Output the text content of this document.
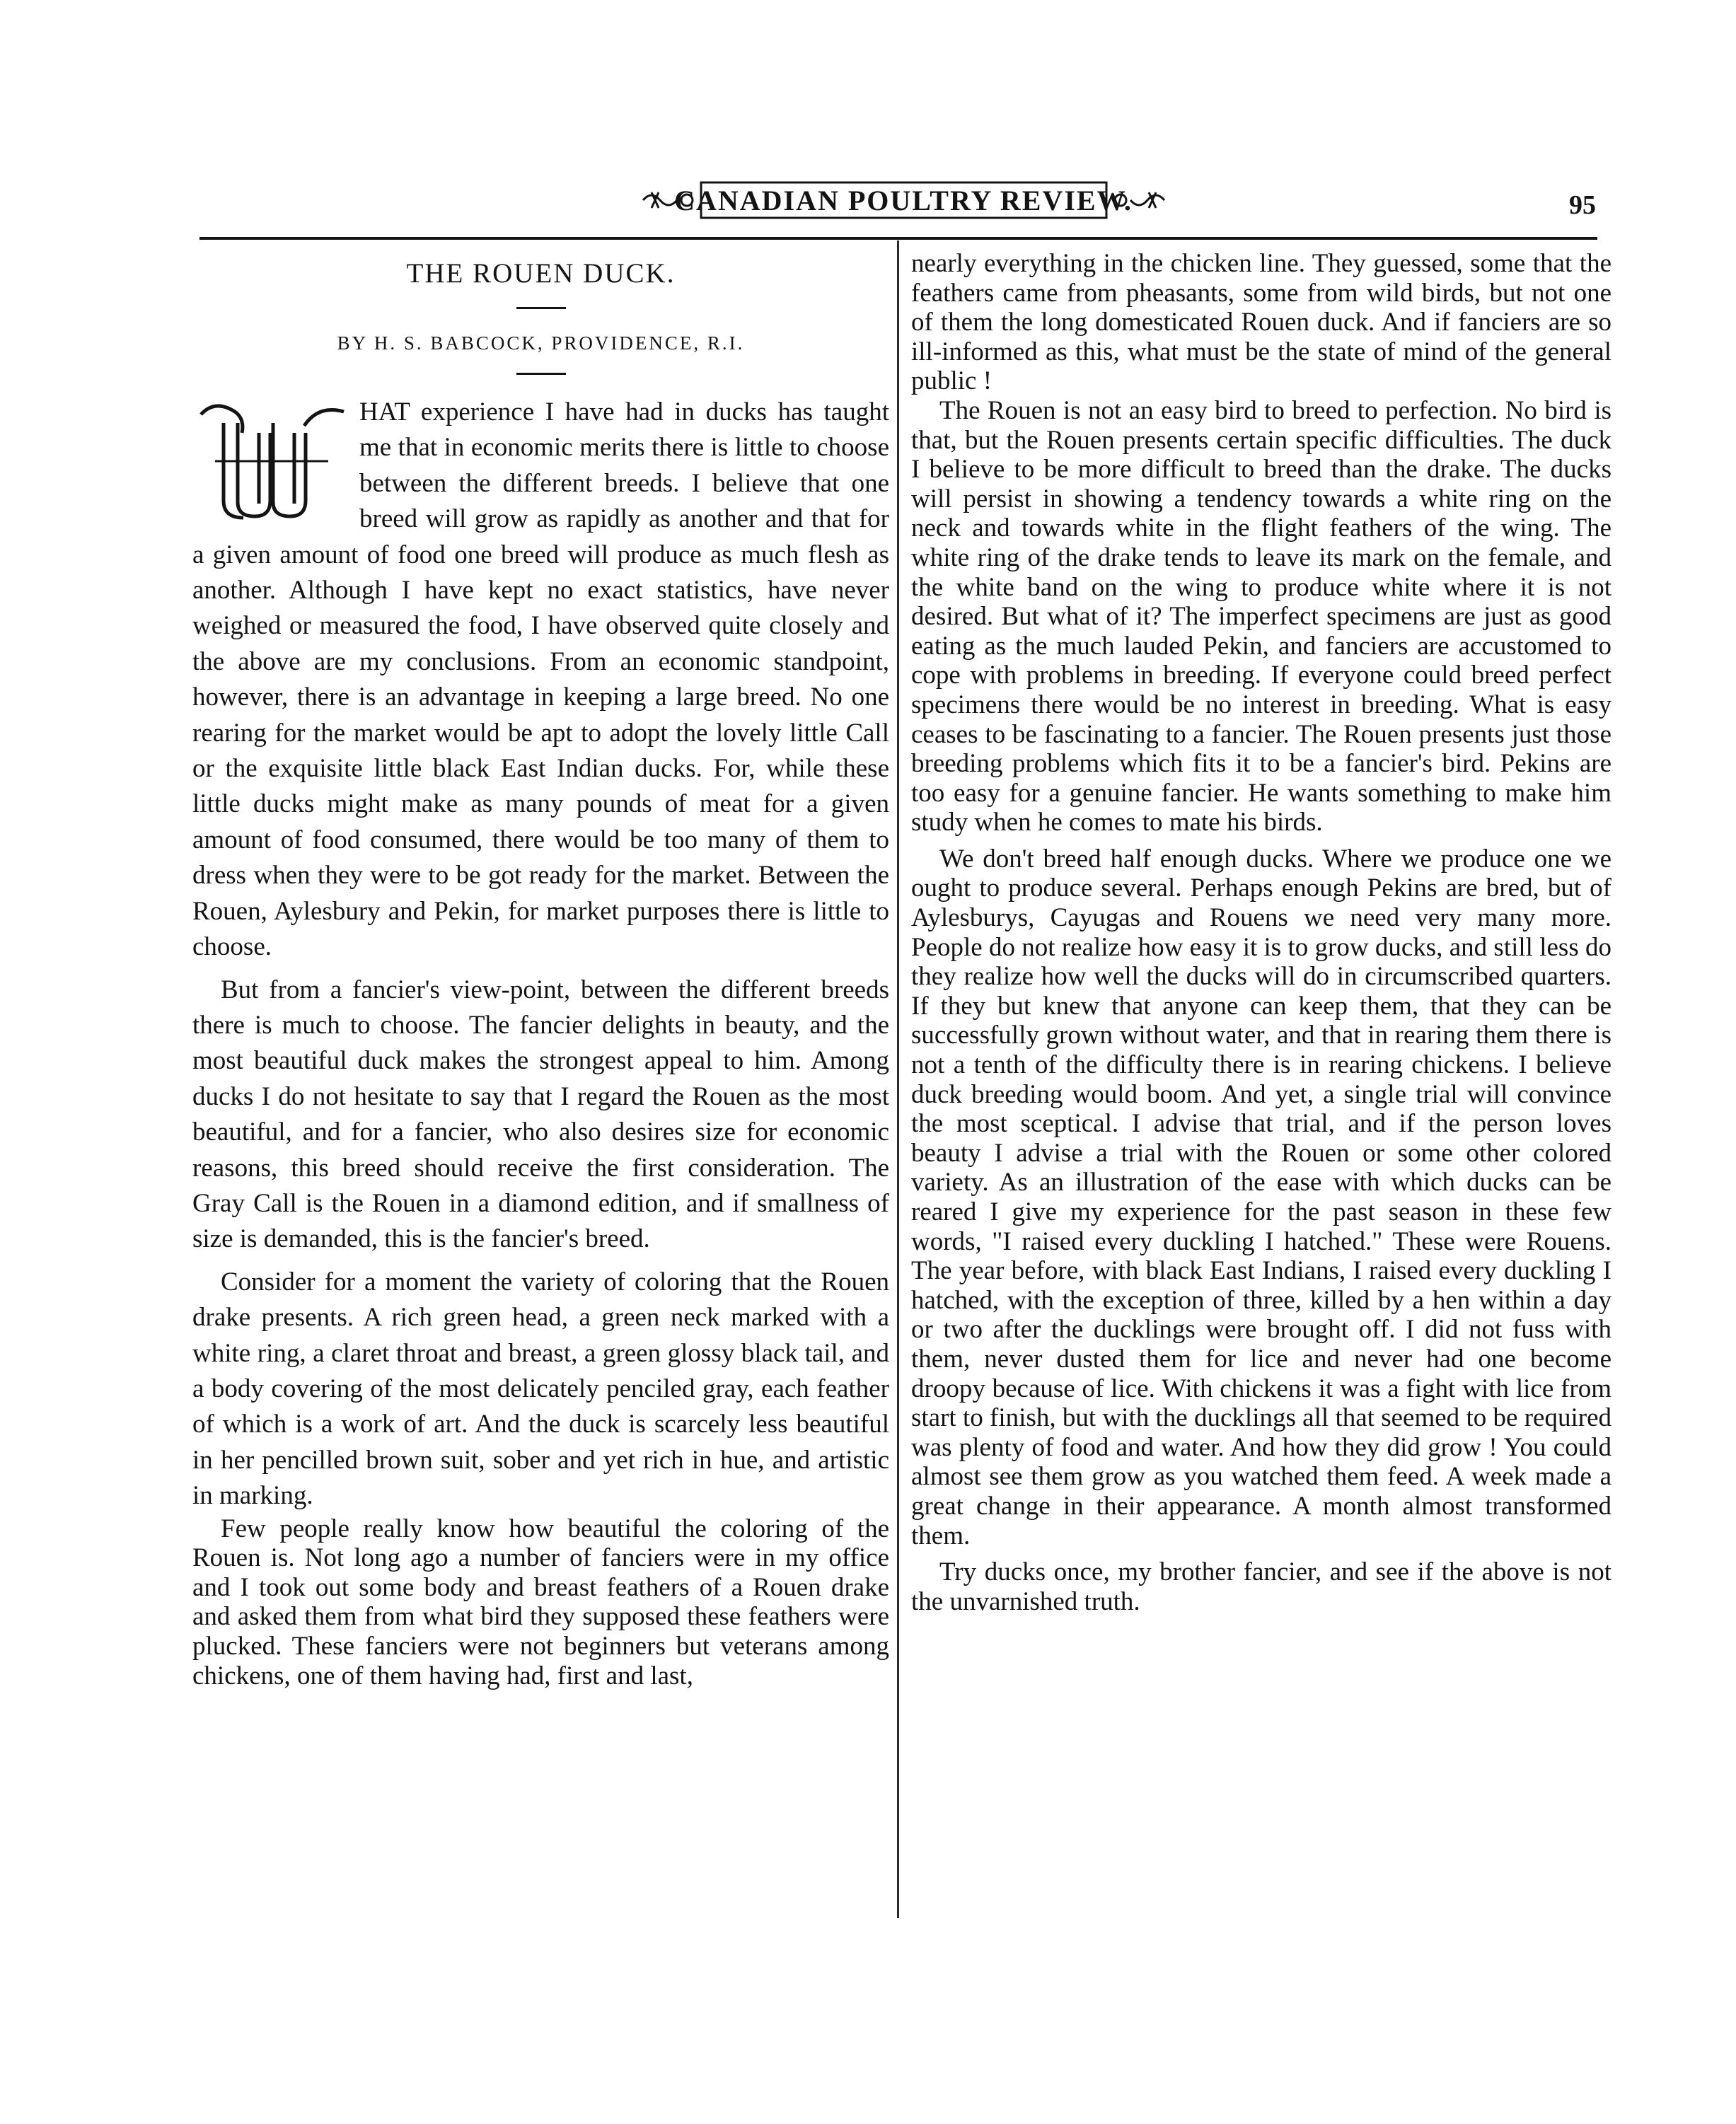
CANADIAN POULTRY REVIEW.	95
THE ROUEN DUCK.
BY H. S. BABCOCK, PROVIDENCE, R.I.
W

HAT experience I have had in ducks has taught me that in economic merits there is little to choose between the different breeds. I believe that one breed will grow as rapidly as another and that for a given amount of food one breed will produce as much flesh as another. Although I have kept no exact statistics, have never weighed or measured the food, I have observed quite closely and the above are my conclusions. From an economic standpoint, however, there is an advantage in keeping a large breed. No one rearing for the market would be apt to adopt the lovely little Call or the exquisite little black East Indian ducks. For, while these little ducks might make as many pounds of meat for a given amount of food consumed, there would be too many of them to dress when they were to be got ready for the market. Between the Rouen, Aylesbury and Pekin, for market purposes there is little to choose.

But from a fancier's view-point, between the different breeds there is much to choose. The fancier delights in beauty, and the most beautiful duck makes the strongest appeal to him. Among ducks I do not hesitate to say that I regard the Rouen as the most beautiful, and for a fancier, who also desires size for economic reasons, this breed should receive the first consideration. The Gray Call is the Rouen in a diamond edition, and if smallness of size is demanded, this is the fancier's breed.

Consider for a moment the variety of coloring that the Rouen drake presents. A rich green head, a green neck marked with a white ring, a claret throat and breast, a green glossy black tail, and a body covering of the most delicately penciled gray, each feather of which is a work of art. And the duck is scarcely less beautiful in her pencilled brown suit, sober and yet rich in hue, and artistic in marking.

Few people really know how beautiful the coloring of the Rouen is. Not long ago a number of fanciers were in my office and I took out some body and breast feathers of a Rouen drake and asked them from what bird they supposed these feathers were plucked. These fanciers were not beginners but veterans among chickens, one of them having had, first and last,

nearly everything in the chicken line. They guessed, some that the feathers came from pheasants, some from wild birds, but not one of them the long domesticated Rouen duck. And if fanciers are so ill-informed as this, what must be the state of mind of the general public !

The Rouen is not an easy bird to breed to perfection. No bird is that, but the Rouen presents certain specific difficulties. The duck I believe to be more difficult to breed than the drake. The ducks will persist in showing a tendency towards a white ring on the neck and towards white in the flight feathers of the wing. The white ring of the drake tends to leave its mark on the female, and the white band on the wing to produce white where it is not desired. But what of it? The imperfect specimens are just as good eating as the much lauded Pekin, and fanciers are accustomed to cope with problems in breeding. If everyone could breed perfect specimens there would be no interest in breeding. What is easy ceases to be fascinating to a fancier. The Rouen presents just those breeding problems which fits it to be a fancier's bird. Pekins are too easy for a genuine fancier. He wants something to make him study when he comes to mate his birds.

We don't breed half enough ducks. Where we produce one we ought to produce several. Perhaps enough Pekins are bred, but of Aylesburys, Cayugas and Rouens we need very many more. People do not realize how easy it is to grow ducks, and still less do they realize how well the ducks will do in circumscribed quarters. If they but knew that anyone can keep them, that they can be successfully grown without water, and that in rearing them there is not a tenth of the difficulty there is in rearing chickens. I believe duck breeding would boom. And yet, a single trial will convince the most sceptical. I advise that trial, and if the person loves beauty I advise a trial with the Rouen or some other colored variety. As an illustration of the ease with which ducks can be reared I give my experience for the past season in these few words, "I raised every duckling I hatched." These were Rouens. The year before, with black East Indians, I raised every duckling I hatched, with the exception of three, killed by a hen within a day or two after the ducklings were brought off. I did not fuss with them, never dusted them for lice and never had one become droopy because of lice. With chickens it was a fight with lice from start to finish, but with the ducklings all that seemed to be required was plenty of food and water. And how they did grow ! You could almost see them grow as you watched them feed. A week made a great change in their appearance. A month almost transformed them.

Try ducks once, my brother fancier, and see if the above is not the unvarnished truth.
